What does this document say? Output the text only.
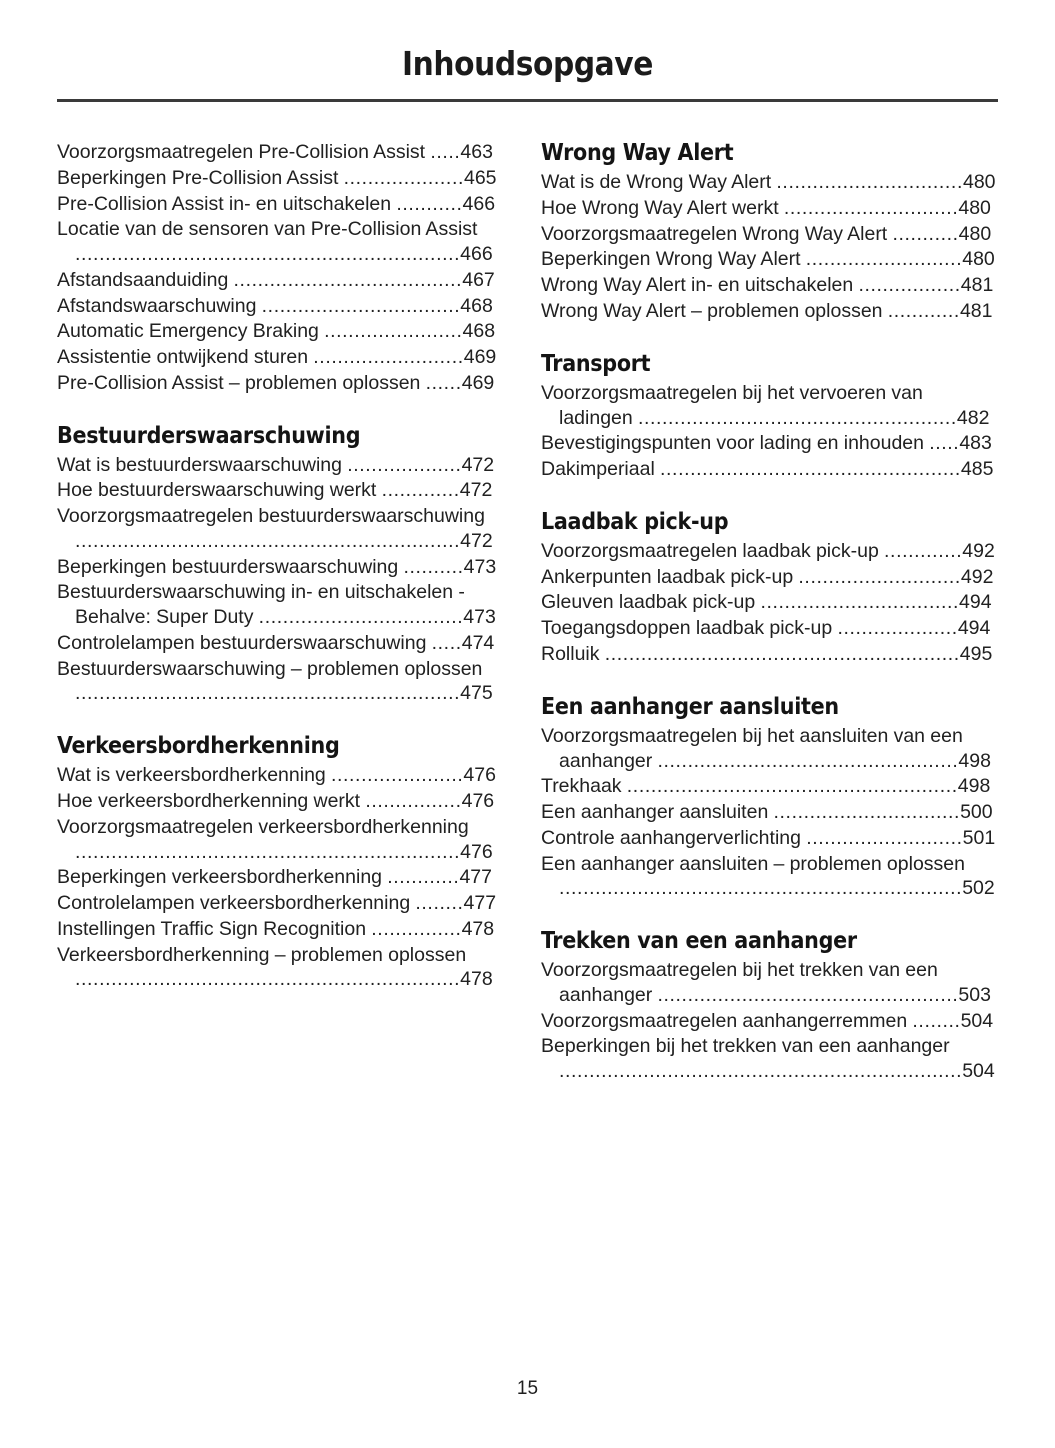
Inhoudsopgave
Voorzorgsmaatregelen Pre-Collision Assist .....463
Beperkingen Pre-Collision Assist ....................465
Pre-Collision Assist in- en uitschakelen ...........466
Locatie van de sensoren van Pre-Collision Assist ................................................................466
Afstandsaanduiding ......................................467
Afstandswaarschuwing .................................468
Automatic Emergency Braking .......................468
Assistentie ontwijkend sturen .........................469
Pre-Collision Assist – problemen oplossen ......469
Bestuurderswaarschuwing
Wat is bestuurderswaarschuwing ...................472
Hoe bestuurderswaarschuwing werkt .............472
Voorzorgsmaatregelen bestuurderswaarschuwing ................................................................472
Beperkingen bestuurderswaarschuwing ..........473
Bestuurderswaarschuwing in- en uitschakelen - Behalve: Super Duty ..................................473
Controlelampen bestuurderswaarschuwing .....474
Bestuurderswaarschuwing – problemen oplossen ................................................................475
Verkeersbordherkenning
Wat is verkeersbordherkenning ......................476
Hoe verkeersbordherkenning werkt ................476
Voorzorgsmaatregelen verkeersbordherkenning ................................................................476
Beperkingen verkeersbordherkenning ............477
Controlelampen verkeersbordherkenning ........477
Instellingen Traffic Sign Recognition ...............478
Verkeersbordherkenning – problemen oplossen ................................................................478
Wrong Way Alert
Wat is de Wrong Way Alert ...............................480
Hoe Wrong Way Alert werkt .............................480
Voorzorgsmaatregelen Wrong Way Alert ...........480
Beperkingen Wrong Way Alert ..........................480
Wrong Way Alert in- en uitschakelen .................481
Wrong Way Alert – problemen oplossen ............481
Transport
Voorzorgsmaatregelen bij het vervoeren van ladingen .....................................................482
Bevestigingspunten voor lading en inhouden .....483
Dakimperiaal ..................................................485
Laadbak pick-up
Voorzorgsmaatregelen laadbak pick-up .............492
Ankerpunten laadbak pick-up ...........................492
Gleuven laadbak pick-up .................................494
Toegangsdoppen laadbak pick-up ....................494
Rolluik ...........................................................495
Een aanhanger aansluiten
Voorzorgsmaatregelen bij het aansluiten van een aanhanger ..................................................498
Trekhaak .......................................................498
Een aanhanger aansluiten ...............................500
Controle aanhangerverlichting ..........................501
Een aanhanger aansluiten – problemen oplossen ...................................................................502
Trekken van een aanhanger
Voorzorgsmaatregelen bij het trekken van een aanhanger ..................................................503
Voorzorgsmaatregelen aanhangerremmen ........504
Beperkingen bij het trekken van een aanhanger ...................................................................504
15
